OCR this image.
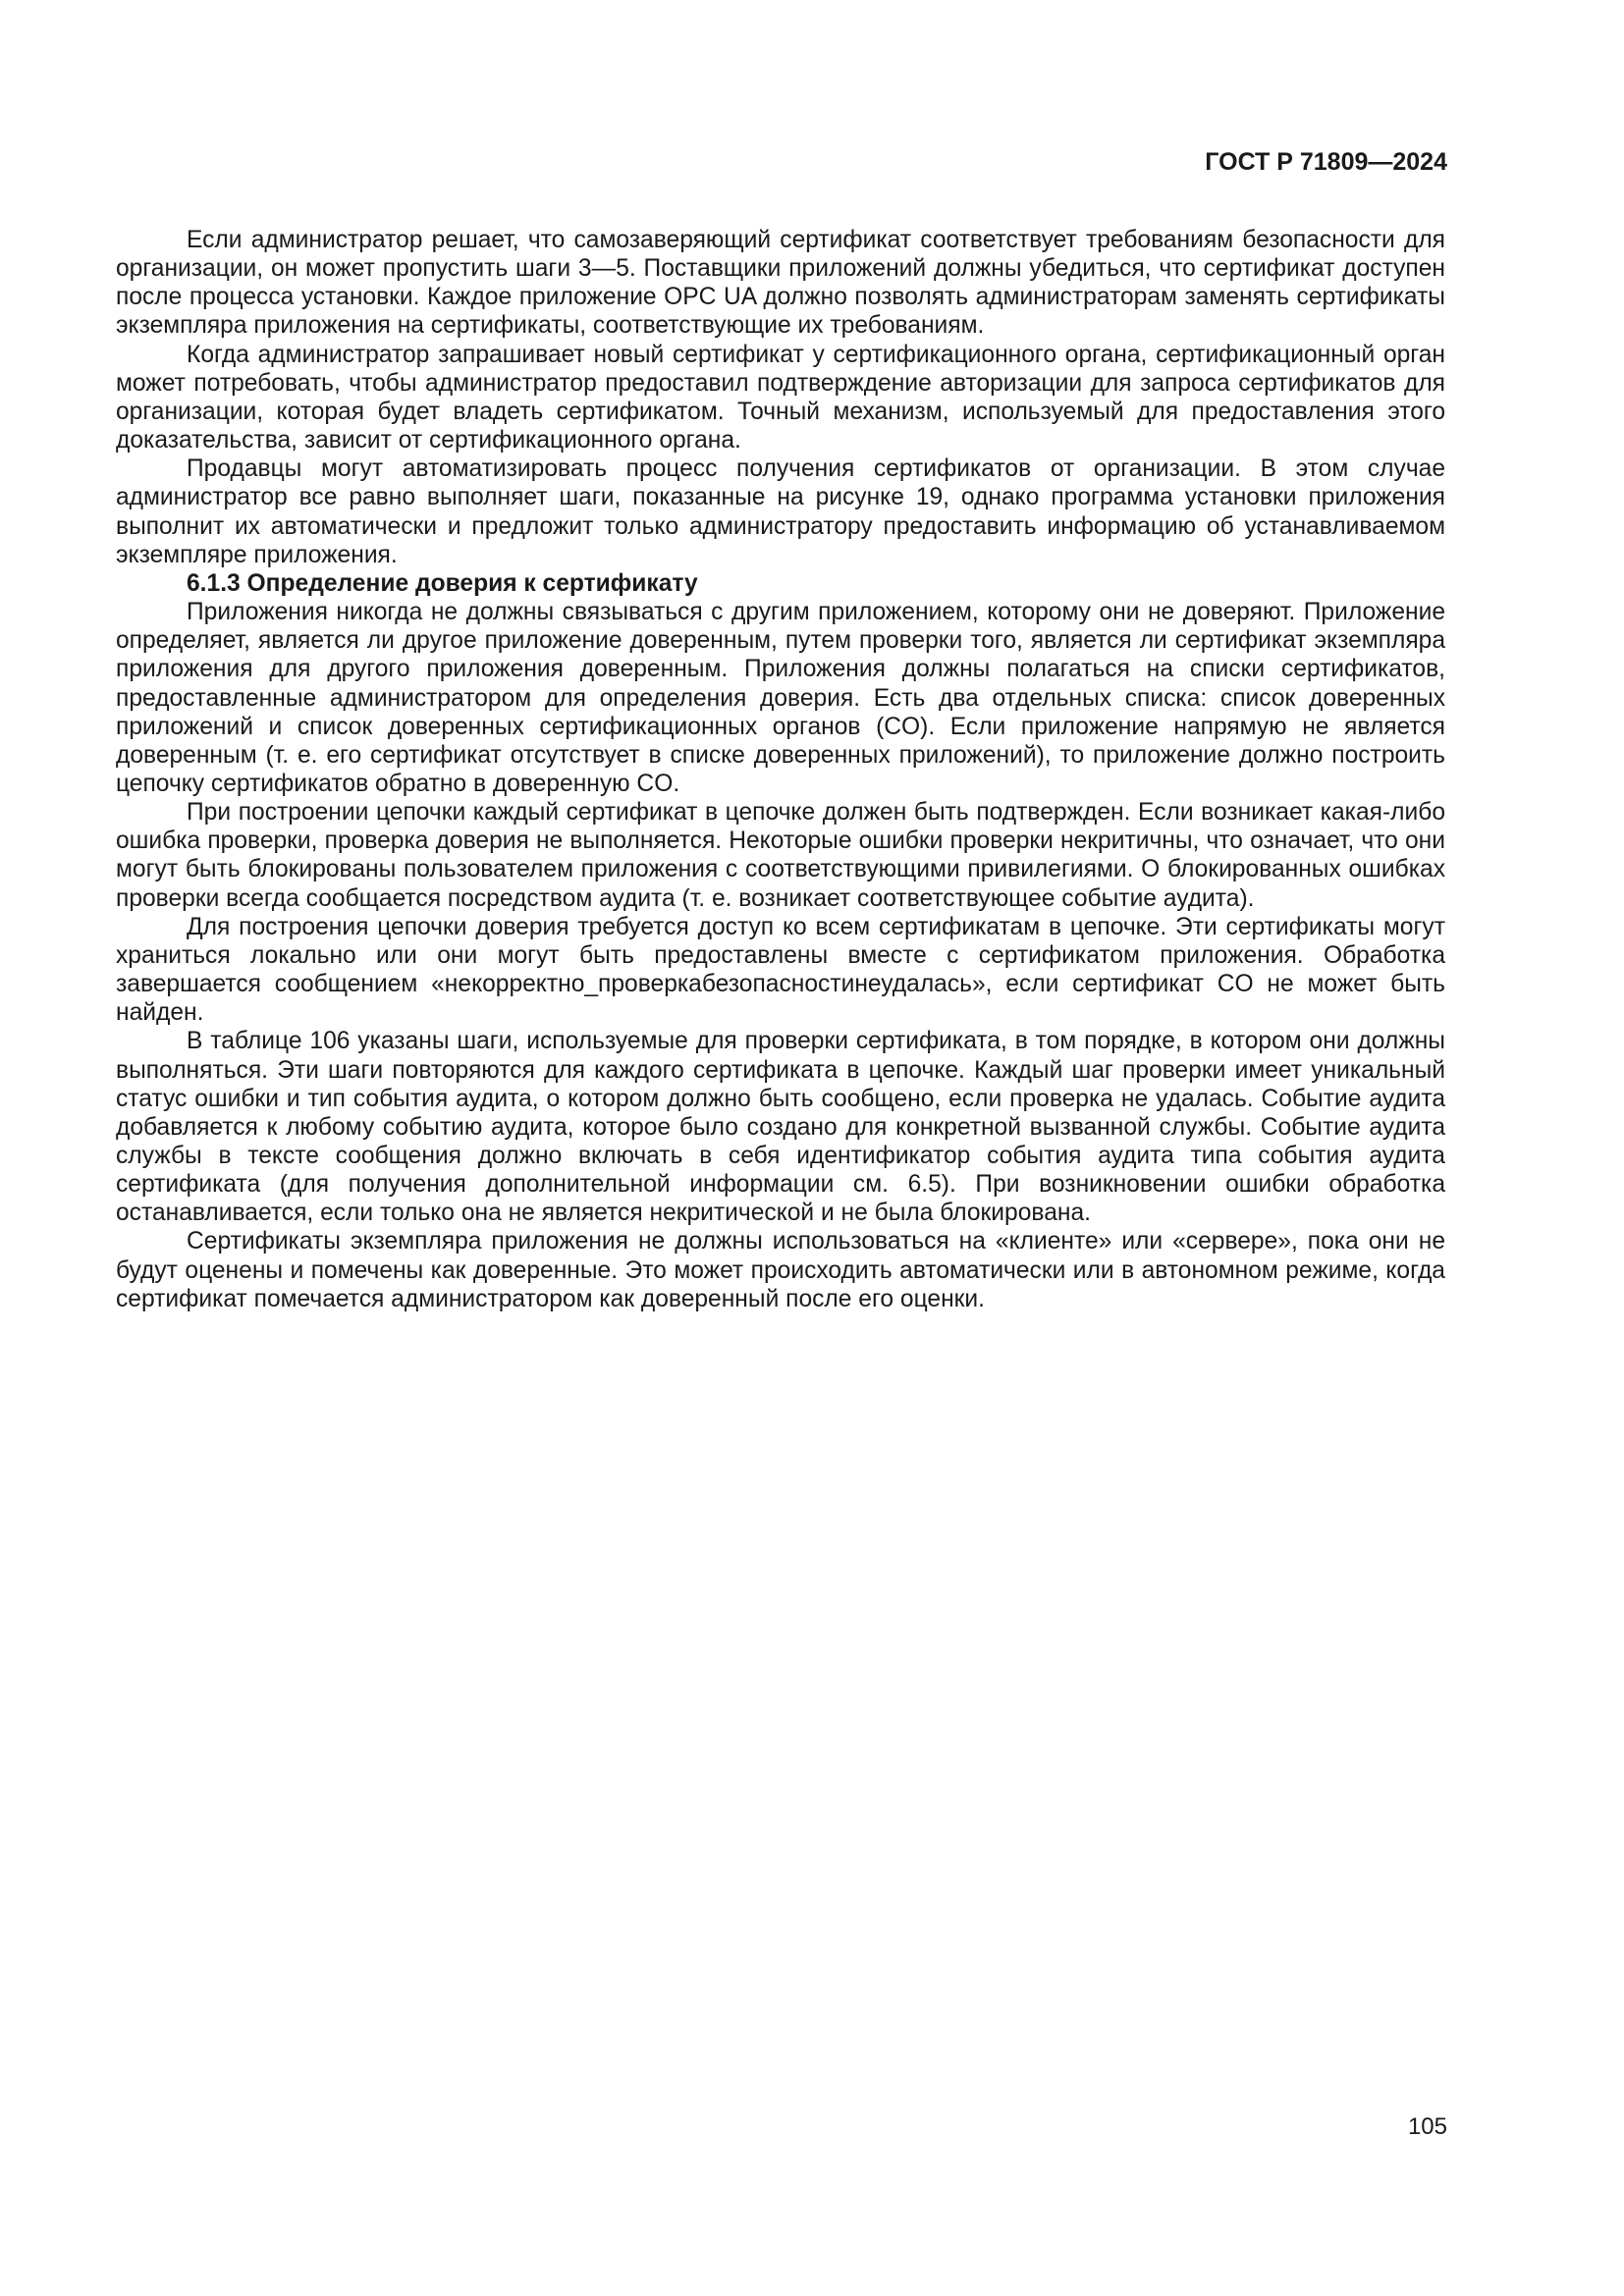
ГОСТ Р 71809—2024

Если администратор решает, что самозаверяющий сертификат соответствует требованиям безопасности для организации, он может пропустить шаги 3—5. Поставщики приложений должны убедиться, что сертификат доступен после процесса установки. Каждое приложение OPC UA должно позволять администраторам заменять сертификаты экземпляра приложения на сертификаты, соответствующие их требованиям.

Когда администратор запрашивает новый сертификат у сертификационного органа, сертификационный орган может потребовать, чтобы администратор предоставил подтверждение авторизации для запроса сертификатов для организации, которая будет владеть сертификатом. Точный механизм, используемый для предоставления этого доказательства, зависит от сертификационного органа.

Продавцы могут автоматизировать процесс получения сертификатов от организации. В этом случае администратор все равно выполняет шаги, показанные на рисунке 19, однако программа установки приложения выполнит их автоматически и предложит только администратору предоставить информацию об устанавливаемом экземпляре приложения.

6.1.3 Определение доверия к сертификату

Приложения никогда не должны связываться с другим приложением, которому они не доверяют. Приложение определяет, является ли другое приложение доверенным, путем проверки того, является ли сертификат экземпляра приложения для другого приложения доверенным. Приложения должны полагаться на списки сертификатов, предоставленные администратором для определения доверия. Есть два отдельных списка: список доверенных приложений и список доверенных сертификационных органов (CO). Если приложение напрямую не является доверенным (т. е. его сертификат отсутствует в списке доверенных приложений), то приложение должно построить цепочку сертификатов обратно в доверенную CO.

При построении цепочки каждый сертификат в цепочке должен быть подтвержден. Если возникает какая-либо ошибка проверки, проверка доверия не выполняется. Некоторые ошибки проверки некритичны, что означает, что они могут быть блокированы пользователем приложения с соответствующими привилегиями. О блокированных ошибках проверки всегда сообщается посредством аудита (т. е. возникает соответствующее событие аудита).

Для построения цепочки доверия требуется доступ ко всем сертификатам в цепочке. Эти сертификаты могут храниться локально или они могут быть предоставлены вместе с сертификатом приложения. Обработка завершается сообщением «некорректно_проверкабезопасностинеудалась», если сертификат CO не может быть найден.

В таблице 106 указаны шаги, используемые для проверки сертификата, в том порядке, в котором они должны выполняться. Эти шаги повторяются для каждого сертификата в цепочке. Каждый шаг проверки имеет уникальный статус ошибки и тип события аудита, о котором должно быть сообщено, если проверка не удалась. Событие аудита добавляется к любому событию аудита, которое было создано для конкретной вызванной службы. Событие аудита службы в тексте сообщения должно включать в себя идентификатор события аудита типа события аудита сертификата (для получения дополнительной информации см. 6.5). При возникновении ошибки обработка останавливается, если только она не является некритической и не была блокирована.

Сертификаты экземпляра приложения не должны использоваться на «клиенте» или «сервере», пока они не будут оценены и помечены как доверенные. Это может происходить автоматически или в автономном режиме, когда сертификат помечается администратором как доверенный после его оценки.

105
